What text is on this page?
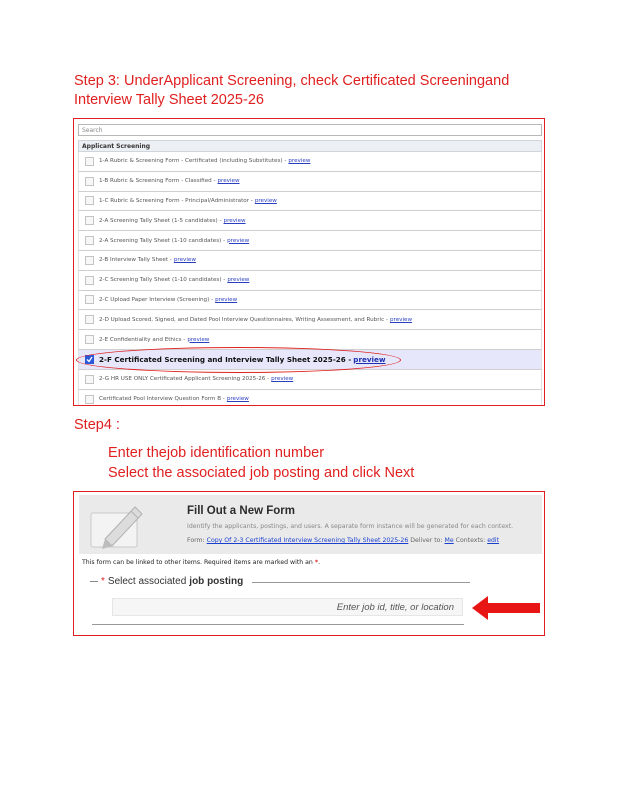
Step 3: UnderApplicant Screening, check Certificated Screeningand Interview Tally Sheet 2025-26
Search
Applicant Screening
1-A Rubric & Screening Form - Certificated (including Substitutes) - preview
1-B Rubric & Screening Form - Classified - preview
1-C Rubric & Screening Form - Principal/Administrator - preview
2-A Screening Tally Sheet (1-5 candidates) - preview
2-A Screening Tally Sheet (1-10 candidates) - preview
2-B Interview Tally Sheet - preview
2-C Screening Tally Sheet (1-10 candidates) - preview
2-C Upload Paper Interview (Screening) - preview
2-D Upload Scored, Signed, and Dated Pool Interview Questionnaires, Writing Assessment, and Rubric - preview
2-E Confidentiality and Ethics - preview
2-F Certificated Screening and Interview Tally Sheet 2025-26 - preview
2-G HR USE ONLY Certificated Applicant Screening 2025-26 - preview
Certificated Pool Interview Question Form B - preview
Step4 :
Enter thejob identification number
Select the associated job posting and click Next
Fill Out a New Form
Identify the applicants, postings, and users. A separate form instance will be generated for each context.
Form: Copy Of 2-3 Certificated Interview Screening Tally Sheet 2025-26 Deliver to: Me Contexts: edit
This form can be linked to other items. Required items are marked with an *.
* Select associated job posting
Enter job id, title, or location
